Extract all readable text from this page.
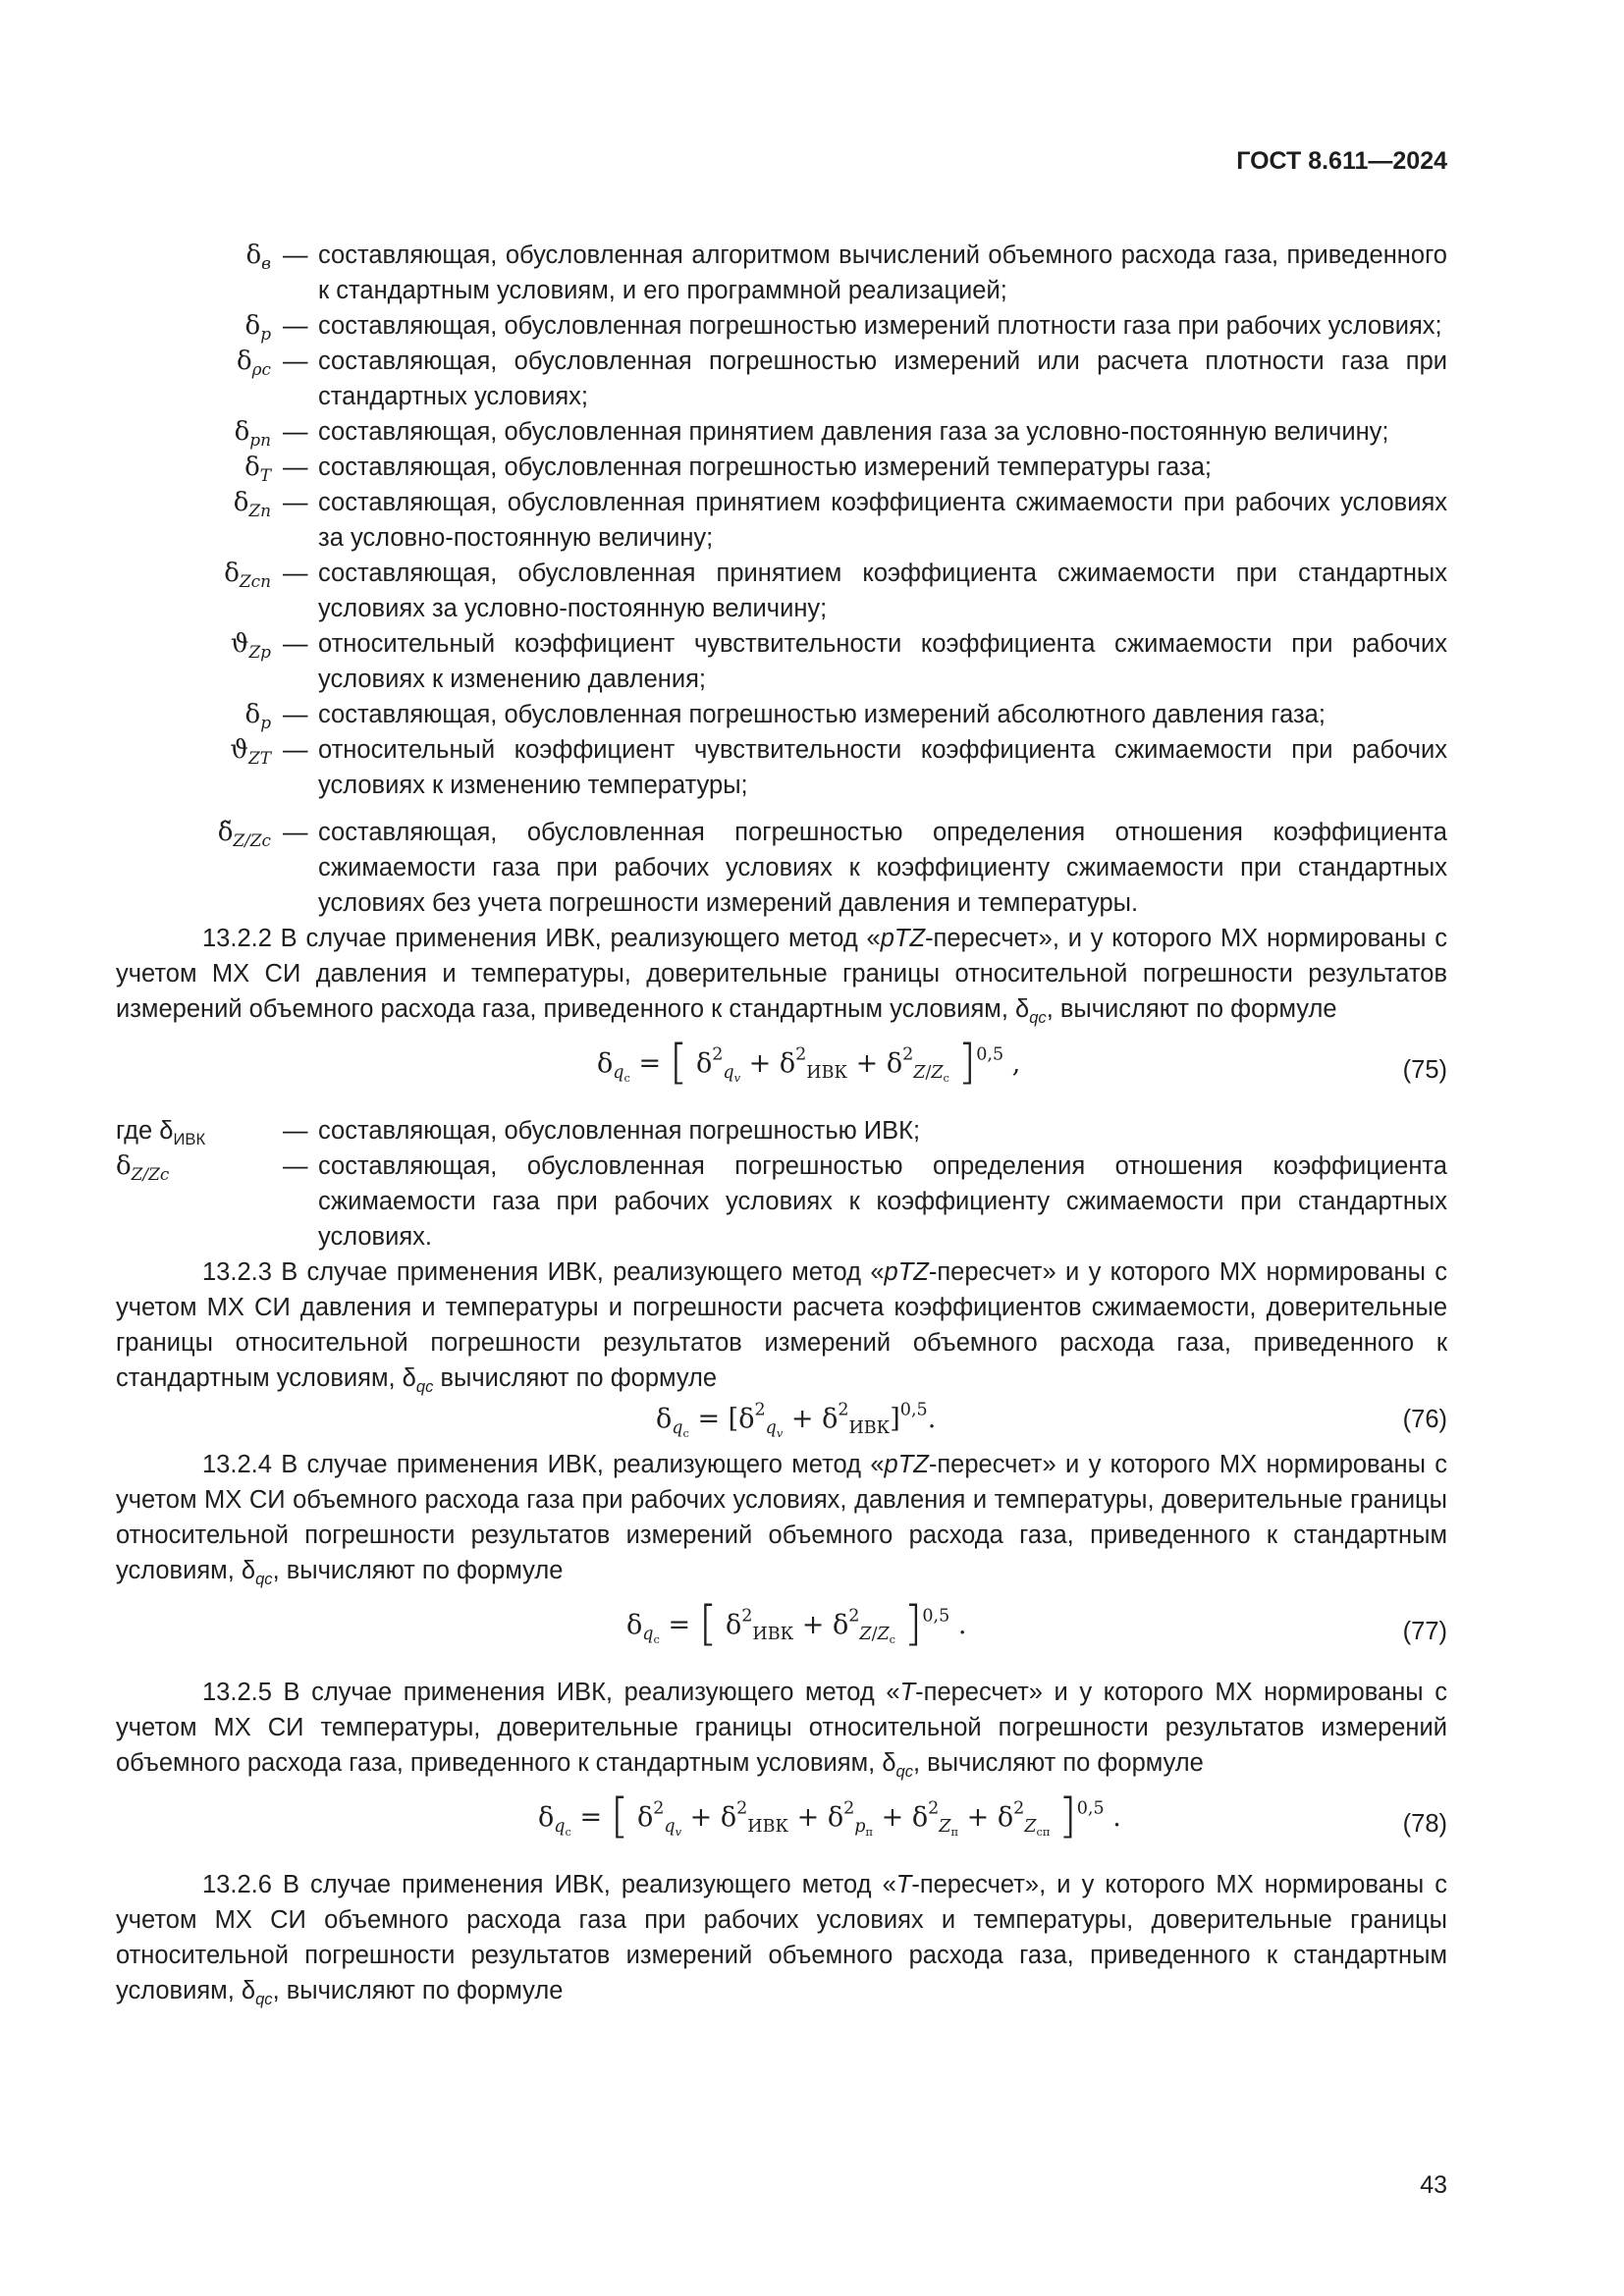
ГОСТ 8.611—2024
$\delta_в$ — составляющая, обусловленная алгоритмом вычислений объемного расхода газа, приведенного к стандартным условиям, и его программной реализацией;
$\delta_р$ — составляющая, обусловленная погрешностью измерений плотности газа при рабочих условиях;
$\delta_{\rho с}$ — составляющая, обусловленная погрешностью измерений или расчета плотности газа при стандартных условиях;
$\delta_{pп}$ — составляющая, обусловленная принятием давления газа за условно-постоянную величину;
$\delta_T$ — составляющая, обусловленная погрешностью измерений температуры газа;
$\delta_{Zп}$ — составляющая, обусловленная принятием коэффициента сжимаемости при рабочих условиях за условно-постоянную величину;
$\delta_{Zсп}$ — составляющая, обусловленная принятием коэффициента сжимаемости при стандартных условиях за условно-постоянную величину;
$ϑ_{Zp}$ — относительный коэффициент чувствительности коэффициента сжимаемости при рабочих условиях к изменению давления;
$\delta_p$ — составляющая, обусловленная погрешностью измерений абсолютного давления газа;
$ϑ_{ZT}$ — относительный коэффициент чувствительности коэффициента сжимаемости при рабочих условиях к изменению температуры;
$\deltã_{Z/Zс}$ — составляющая, обусловленная погрешностью определения отношения коэффициента сжимаемости газа при рабочих условиях к коэффициенту сжимаемости при стандартных условиях без учета погрешности измерений давления и температуры.

13.2.2 В случае применения ИВК, реализующего метод «pTZ-пересчет», и у которого МХ нормированы с учетом МХ СИ давления и температуры, доверительные границы относительной погрешности результатов измерений объемного расхода газа, приведенного к стандартным условиям, $\delta_{qс}$, вычисляют по формуле

$\delta_{q_с}$ = [ $\delta^2_{q_v} + \delta^2_{ИВК} + \delta^2_{Z/Z_с}$ ]$^{0,5}$ ,	(75)
где $\delta_{ИВК}$	— составляющая, обусловленная погрешностью ИВК;
$\delta_{Z/Zс}$	— составляющая, обусловленная погрешностью определения отношения коэффициента сжимаемости газа при рабочих условиях к коэффициенту сжимаемости при стандартных условиях.

13.2.3 В случае применения ИВК, реализующего метод «pTZ-пересчет» и у которого МХ нормированы с учетом МХ СИ давления и температуры и погрешности расчета коэффициентов сжимаемости, доверительные границы относительной погрешности результатов измерений объемного расхода газа, приведенного к стандартным условиям, $\delta_{qс}$ вычисляют по формуле

$\delta_{q_с} = [\delta^2_{q_v} + \delta^2_{ИВК}]^{0,5}$.	(76)

13.2.4 В случае применения ИВК, реализующего метод «pTZ-пересчет» и у которого МХ нормированы с учетом МХ СИ объемного расхода газа при рабочих условиях, давления и температуры, доверительные границы относительной погрешности результатов измерений объемного расхода газа, приведенного к стандартным условиям, $\delta_{qс}$, вычисляют по формуле

$\delta_{q_с}$ = [ $\delta^2_{ИВК} + \delta^2_{Z/Z_с}$ ]$^{0,5}$ .	(77)

13.2.5 В случае применения ИВК, реализующего метод «T-пересчет» и у которого МХ нормированы с учетом МХ СИ температуры, доверительные границы относительной погрешности результатов измерений объемного расхода газа, приведенного к стандартным условиям, $\delta_{qс}$, вычисляют по формуле

$\delta_{q_с}$ = [ $\delta^2_{q_v} + \delta^2_{ИВК} + \delta^2_{p_п} + \delta^2_{Z_п} + \delta^2_{Z_{сп}}$ ]$^{0,5}$ .	(78)

13.2.6 В случае применения ИВК, реализующего метод «T-пересчет», и у которого МХ нормированы с учетом МХ СИ объемного расхода газа при рабочих условиях и температуры, доверительные границы относительной погрешности результатов измерений объемного расхода газа, приведенного к стандартным условиям, $\delta_{qс}$, вычисляют по формуле

43
